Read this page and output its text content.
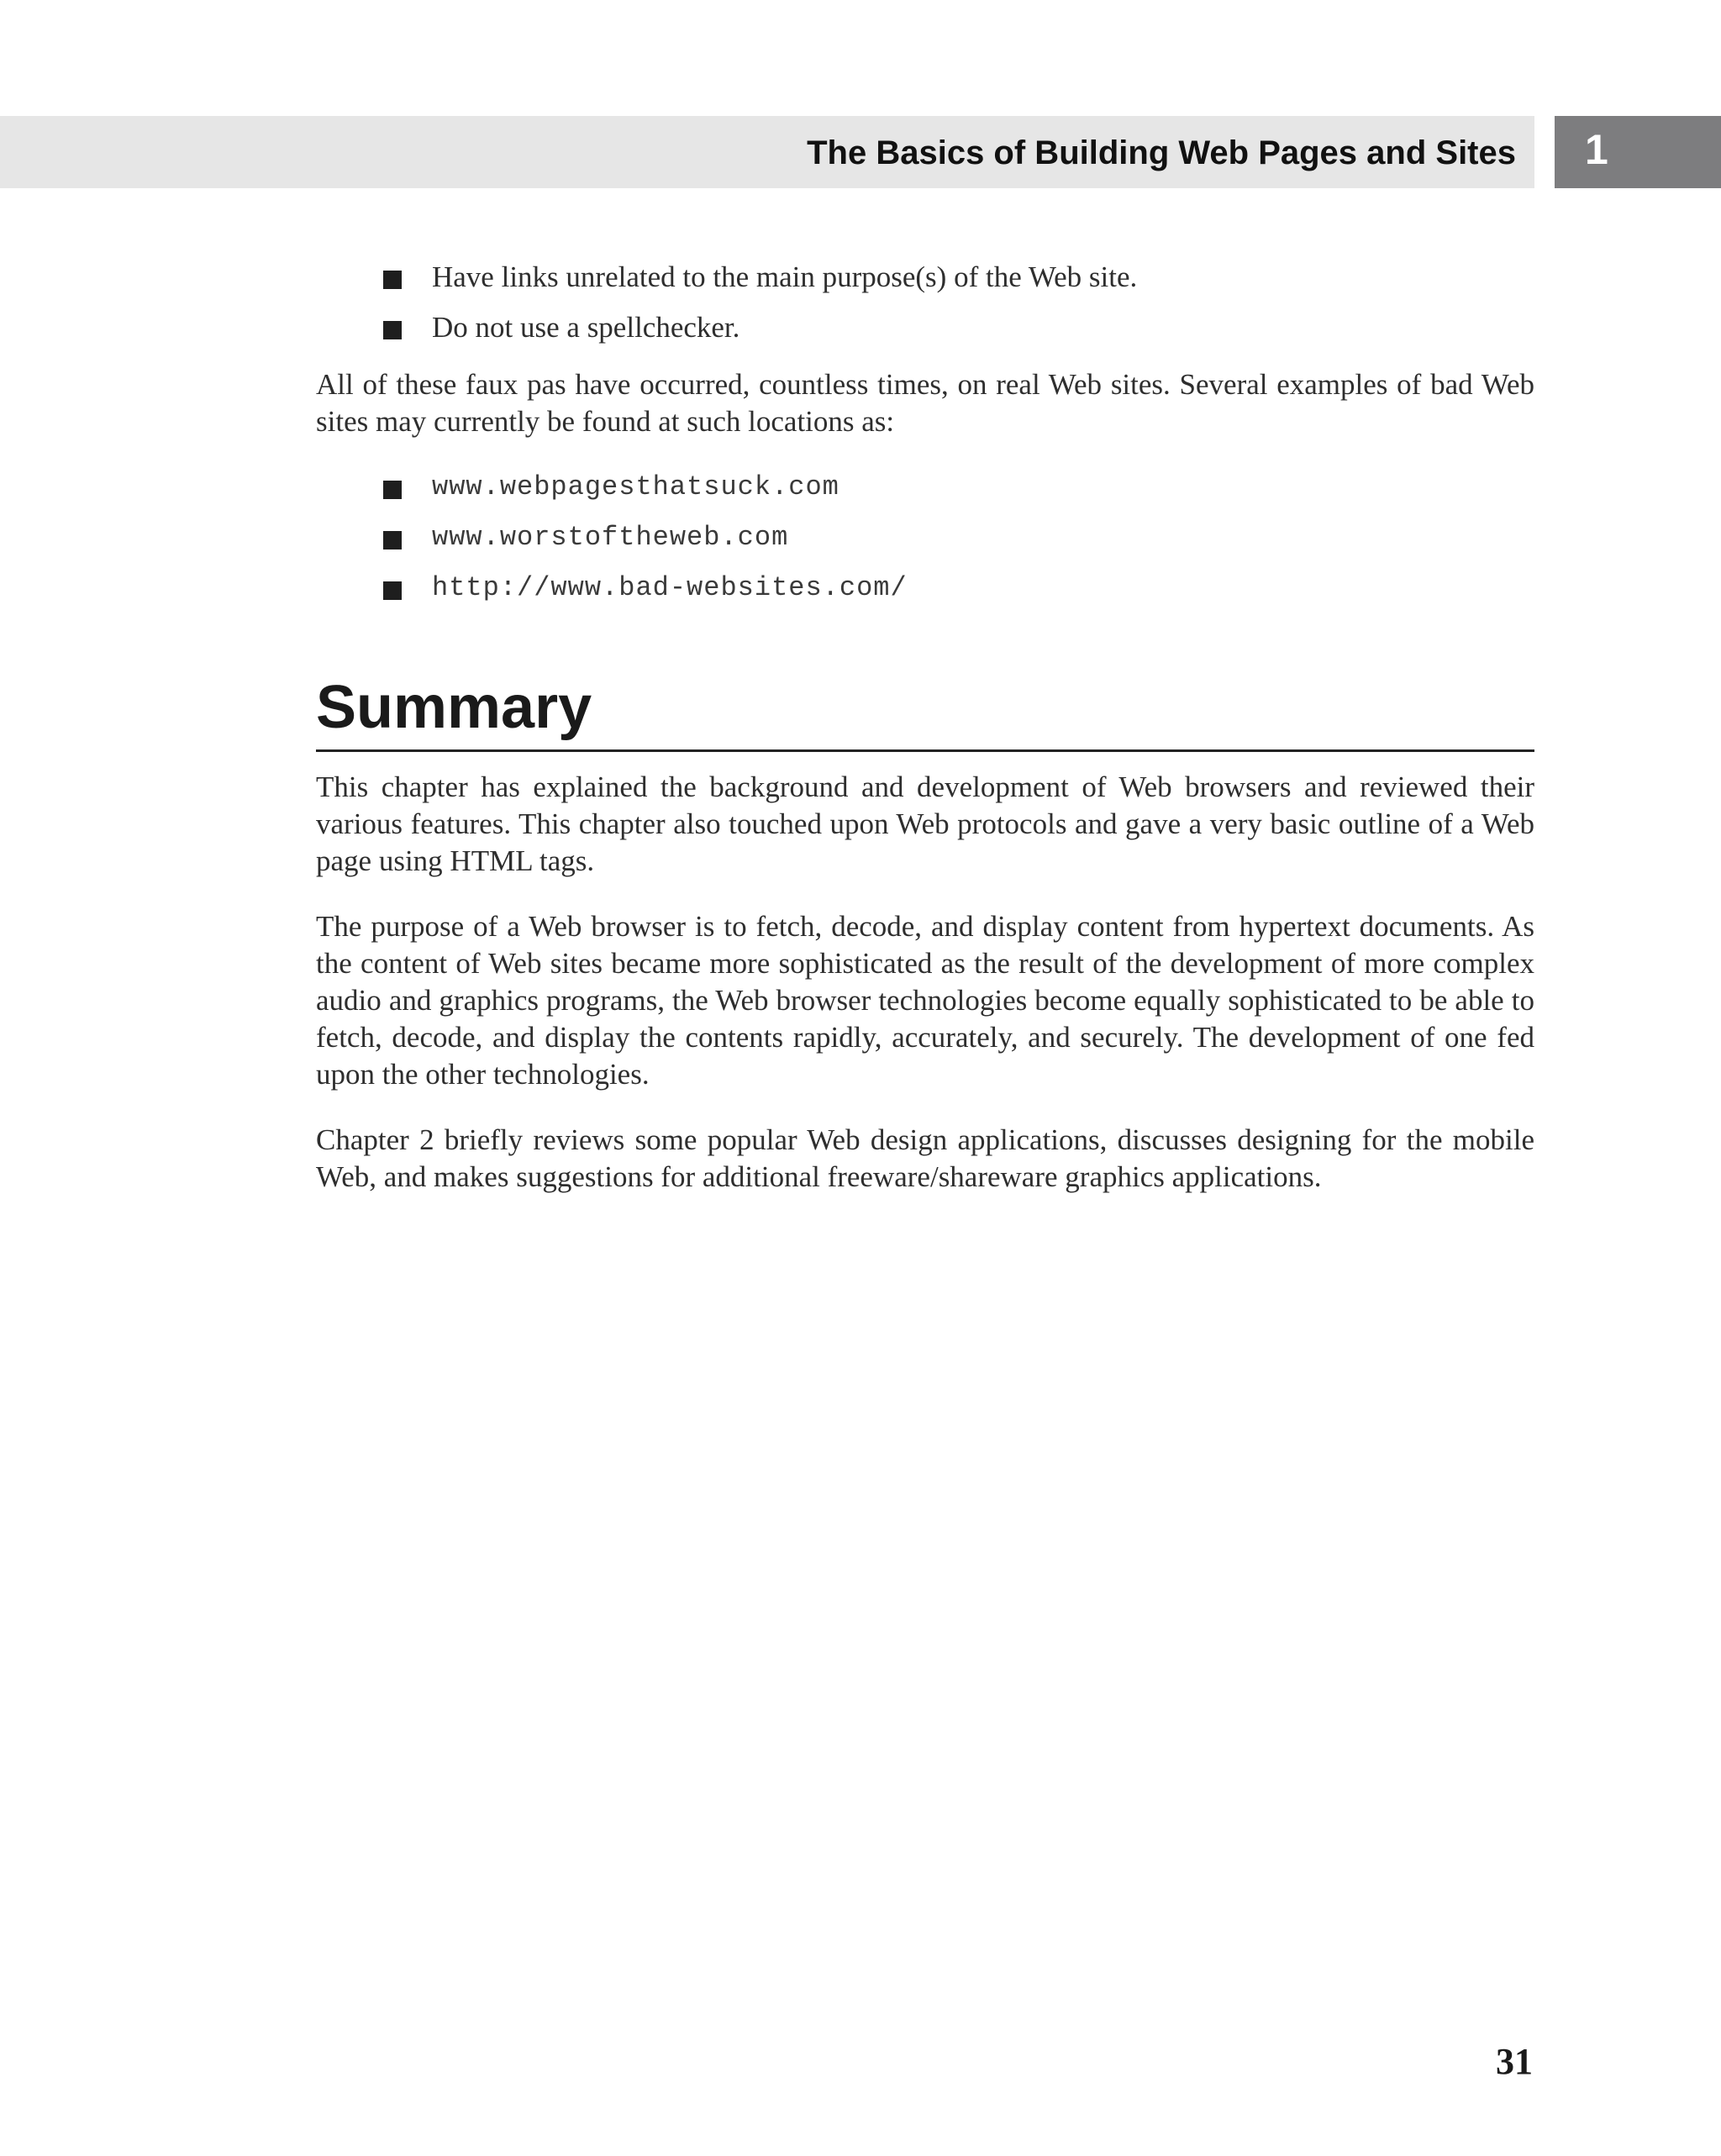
The Basics of Building Web Pages and Sites 1
Have links unrelated to the main purpose(s) of the Web site.
Do not use a spellchecker.

All of these faux pas have occurred, countless times, on real Web sites. Several examples of bad Web sites may currently be found at such locations as:

www.webpagesthatsuck.com
www.worstoftheweb.com
http://www.bad-websites.com/
Summary

This chapter has explained the background and development of Web browsers and reviewed their various features. This chapter also touched upon Web protocols and gave a very basic outline of a Web page using HTML tags.

The purpose of a Web browser is to fetch, decode, and display content from hypertext documents. As the content of Web sites became more sophisticated as the result of the development of more complex audio and graphics programs, the Web browser technologies become equally sophisticated to be able to fetch, decode, and display the contents rapidly, accurately, and securely. The development of one fed upon the other technologies.

Chapter 2 briefly reviews some popular Web design applications, discusses designing for the mobile Web, and makes suggestions for additional freeware/shareware graphics applications.

31
